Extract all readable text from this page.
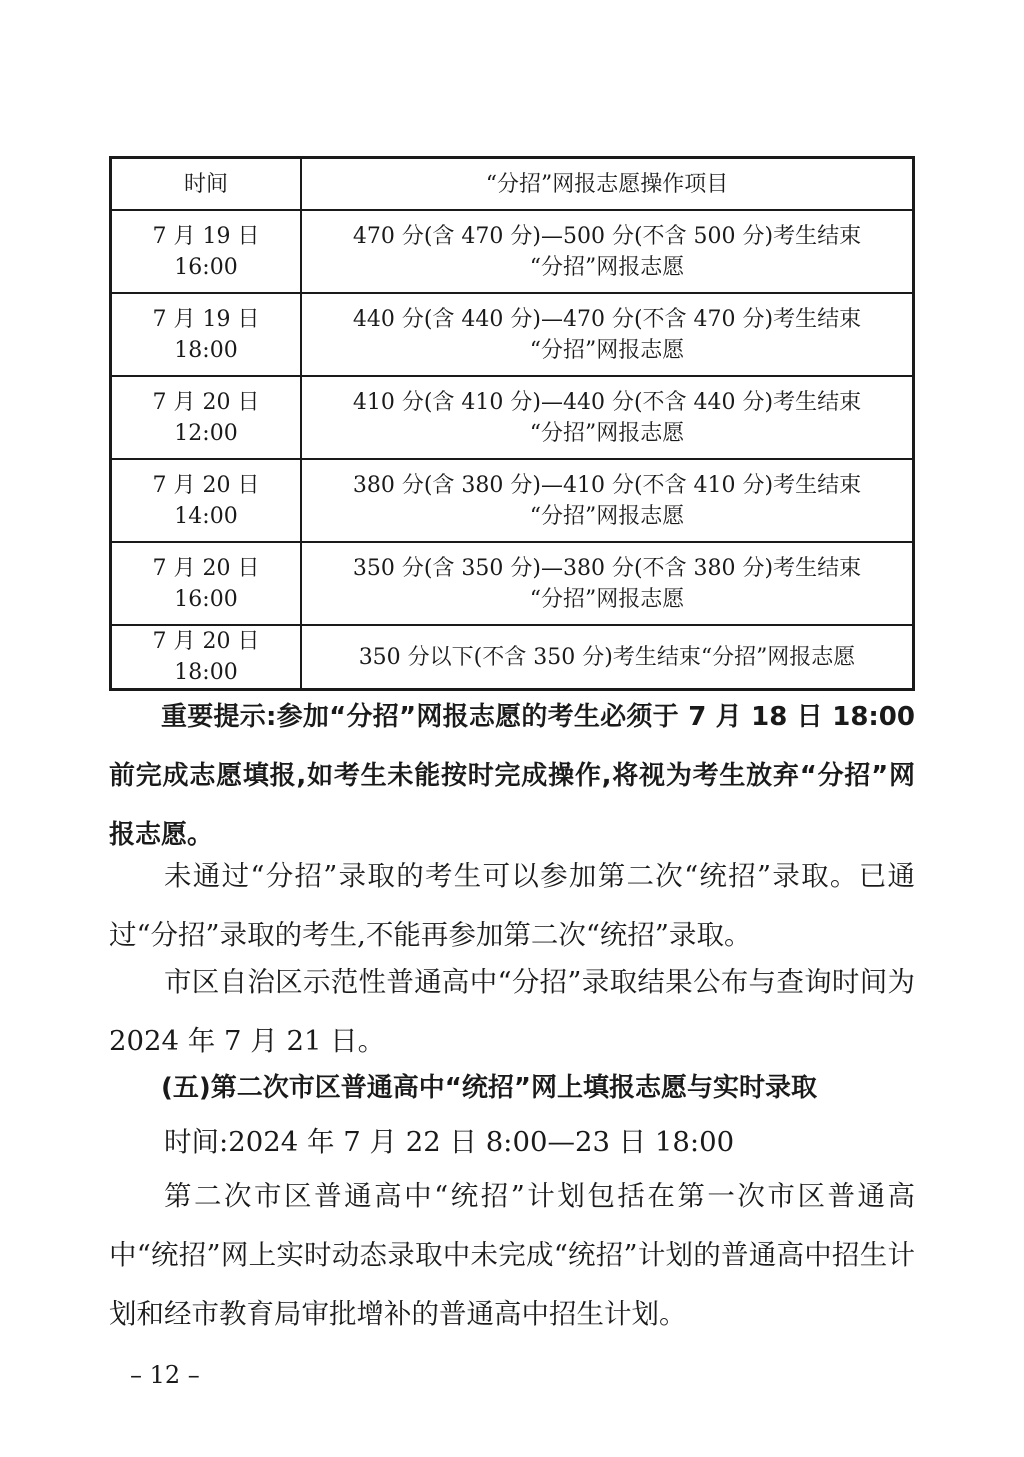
时间	“分招”网报志愿操作项目
7 月 19 日 16:00	470 分(含 470 分)—500 分(不含 500 分)考生结束
“分招”网报志愿

7 月 19 日 18:00	440 分(含 440 分)—470 分(不含 470 分)考生结束
“分招”网报志愿

7 月 20 日 12:00	410 分(含 410 分)—440 分(不含 440 分)考生结束
“分招”网报志愿

7 月 20 日 14:00	380 分(含 380 分)—410 分(不含 410 分)考生结束
“分招”网报志愿

7 月 20 日 16:00	350 分(含 350 分)—380 分(不含 380 分)考生结束
“分招”网报志愿

7 月 20 日 18:00	350 分以下(不含 350 分)考生结束“分招”网报志愿

重要提示:参加“分招”网报志愿的考生必须于 7 月 18 日 18:00 前完成志愿填报,如考生未能按时完成操作,将视为考生放弃“分招”网报志愿。

未通过“分招”录取的考生可以参加第二次“统招”录取。已通过“分招”录取的考生,不能再参加第二次“统招”录取。

市区自治区示范性普通高中“分招”录取结果公布与查询时间为 2024 年 7 月 21 日。

(五)第二次市区普通高中“统招”网上填报志愿与实时录取

时间:2024 年 7 月 22 日 8:00—23 日 18:00

第二次市区普通高中“统招”计划包括在第一次市区普通高中“统招”网上实时动态录取中未完成“统招”计划的普通高中招生计划和经市教育局审批增补的普通高中招生计划。

– 12 –
